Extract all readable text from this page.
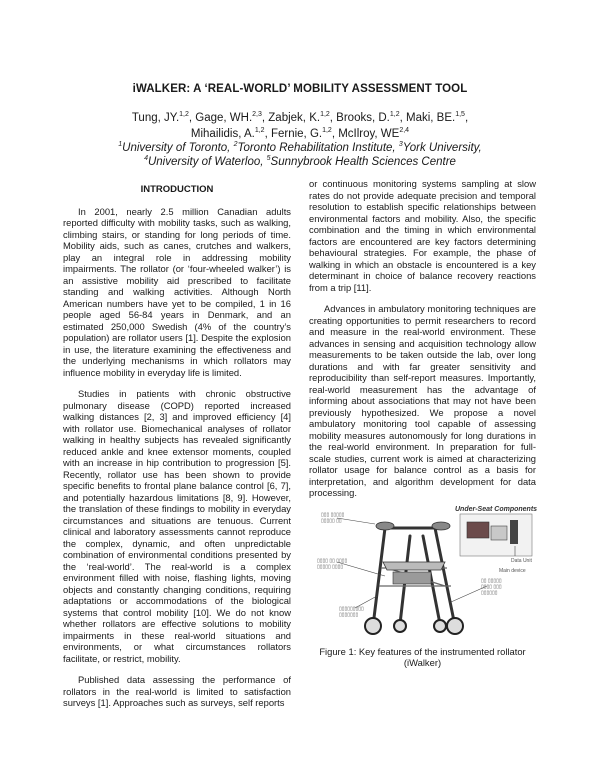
iWALKER: A ‘REAL-WORLD’ MOBILITY ASSESSMENT TOOL
Tung, JY.$^{1,2}$, Gage, WH.$^{2,3}$, Zabjek, K.$^{1,2}$, Brooks, D.$^{1,2}$, Maki, BE.$^{1,5}$,
Mihailidis, A.$^{1,2}$, Fernie, G.$^{1,2}$, McIlroy, WE$^{2,4}$
$^1$University of Toronto, $^2$Toronto Rehabilitation Institute, $^3$York University,
$^4$University of Waterloo, $^5$Sunnybrook Health Sciences Centre
INTRODUCTION

In 2001, nearly 2.5 million Canadian adults reported difficulty with mobility tasks, such as walking, climbing stairs, or standing for long periods of time. Mobility aids, such as canes, crutches and walkers, play an integral role in addressing mobility impairments. The rollator (or ‘four-wheeled walker’) is an assistive mobility aid prescribed to facilitate standing and walking activities. Although North American numbers have yet to be compiled, 1 in 16 people aged 56-84 years in Denmark, and an estimated 250,000 Swedish (4% of the country’s population) are rollator users [1]. Despite the explosion in use, the literature examining the effectiveness and the underlying mechanisms in which rollators may influence mobility in everyday life is limited.

Studies in patients with chronic obstructive pulmonary disease (COPD) reported increased walking distances [2, 3] and improved efficiency [4] with rollator use. Biomechanical analyses of rollator walking in healthy subjects has revealed significantly reduced ankle and knee extensor moments, coupled with an increase in hip contribution to progression [5]. Recently, rollator use has been shown to provide specific benefits to frontal plane balance control [6, 7], and potentially hazardous limitations [8, 9]. However, the translation of these findings to mobility in everyday circumstances and situations are tenuous. Current clinical and laboratory assessments cannot reproduce the complex, dynamic, and often unpredictable combination of environmental conditions presented by the ‘real-world’. The real-world is a complex environment filled with noise, flashing lights, moving objects and constantly changing conditions, requiring adaptations or accommodations of the biological systems that control mobility [10]. We do not know whether rollators are effective solutions to mobility impairments in these real-world situations and environments, or what circumstances rollators facilitate, or restrict, mobility.

Published data assessing the performance of rollators in the real-world is limited to satisfaction surveys [1]. Approaches such as surveys, self reports

or continuous monitoring systems sampling at slow rates do not provide adequate precision and temporal resolution to establish specific relationships between environmental factors and mobility. Also, the specific combination and the timing in which environmental factors are encountered are key factors determining behavioural strategies. For example, the phase of walking in which an obstacle is encountered is a key determinant in choice of balance recovery reactions from a trip [11].

Advances in ambulatory monitoring techniques are creating opportunities to permit researchers to record and measure in the real-world environment. These advances in sensing and acquisition technology allow measurements to be taken outside the lab, over long durations and with far greater sensitivity and reproducibility than self-report measures. Importantly, real-world measurement has the advantage of informing about associations that may not have been previously hypothesized. We propose a novel ambulatory monitoring tool capable of assessing mobility measures autonomously for long durations in the real-world environment. In preparation for full-scale studies, current work is aimed at characterizing rollator usage for balance control as a basis for interpretation, and algorithm development for data processing.

Under-Seat Components
▯▯▯ ▯▯▯▯▯
▯▯▯▯▯ ▯▯
▯▯▯▯ ▯▯ ▯▯▯▯
▯▯▯▯▯ ▯▯▯▯
▯▯▯▯▯▯▯▯▯
▯▯▯▯▯▯▯
▯▯ ▯▯▯▯▯
▯▯▯▯ ▯▯▯
▯▯▯▯▯▯
Data Unit
Main device
Figure 1: Key features of the instrumented rollator (iWalker)
